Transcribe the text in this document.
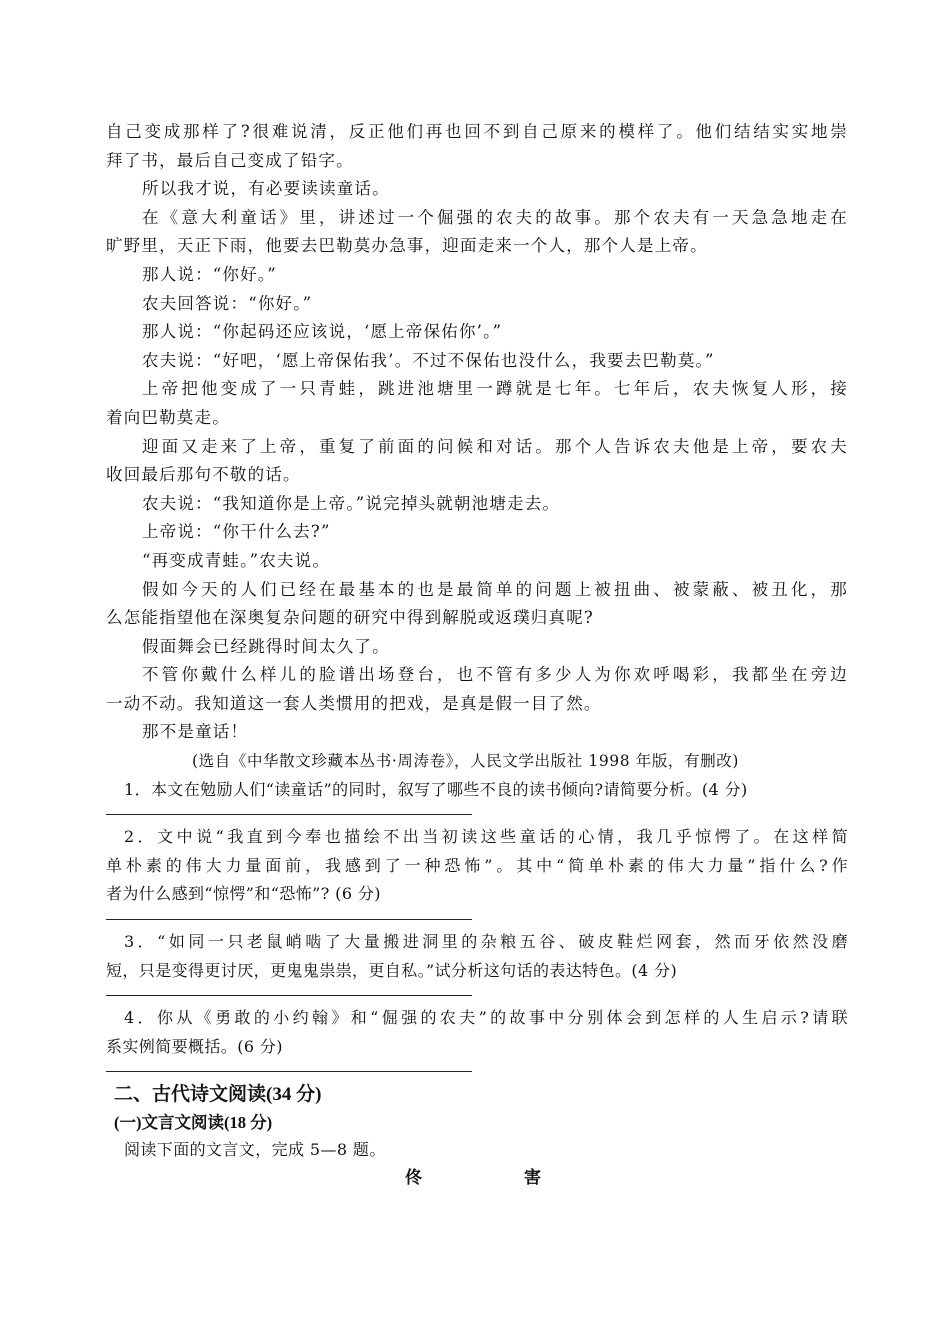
自己变成那样了?很难说清，反正他们再也回不到自己原来的模样了。他们结结实实地崇
拜了书，最后自己变成了铅字。
所以我才说，有必要读读童话。
在《意大利童话》里，讲述过一个倔强的农夫的故事。那个农夫有一天急急地走在
旷野里，天正下雨，他要去巴勒莫办急事，迎面走来一个人，那个人是上帝。
那人说：“你好。”
农夫回答说：“你好。”
那人说：“你起码还应该说，‘愿上帝保佑你’。”
农夫说：“好吧，‘愿上帝保佑我’。不过不保佑也没什么，我要去巴勒莫。”
上帝把他变成了一只青蛙，跳进池塘里一蹲就是七年。七年后，农夫恢复人形，接
着向巴勒莫走。
迎面又走来了上帝，重复了前面的问候和对话。那个人告诉农夫他是上帝，要农夫
收回最后那句不敬的话。
农夫说：“我知道你是上帝。”说完掉头就朝池塘走去。
上帝说：“你干什么去?”
“再变成青蛙。”农夫说。
假如今天的人们已经在最基本的也是最简单的问题上被扭曲、被蒙蔽、被丑化，那
么怎能指望他在深奥复杂问题的研究中得到解脱或返璞归真呢?
假面舞会已经跳得时间太久了。
不管你戴什么样儿的脸谱出场登台，也不管有多少人为你欢呼喝彩，我都坐在旁边
一动不动。我知道这一套人类惯用的把戏，是真是假一目了然。
那不是童话！
(选自《中华散文珍藏本丛书·周涛卷》，人民文学出版社 1998 年版，有删改)
1．本文在勉励人们“读童话”的同时，叙写了哪些不良的读书倾向?请简要分析。(4 分)
2．文中说“我直到今奉也描绘不出当初读这些童话的心情，我几乎惊愕了。在这样简
单朴素的伟大力量面前，我感到了一种恐怖”。其中“简单朴素的伟大力量”指什么?作
者为什么感到“惊愕”和“恐怖”? (6 分)
3．“如同一只老鼠峭啮了大量搬进洞里的杂粮五谷、破皮鞋烂网套，然而牙依然没磨
短，只是变得更讨厌，更鬼鬼祟祟，更自私。”试分析这句话的表达特色。(4 分)
4．你从《勇敢的小约翰》和“倔强的农夫”的故事中分别体会到怎样的人生启示?请联
系实例简要概括。(6 分)
二、古代诗文阅读(34 分)
(一)文言文阅读(18 分)
阅读下面的文言文，完成 5—8 题。
佟 害
